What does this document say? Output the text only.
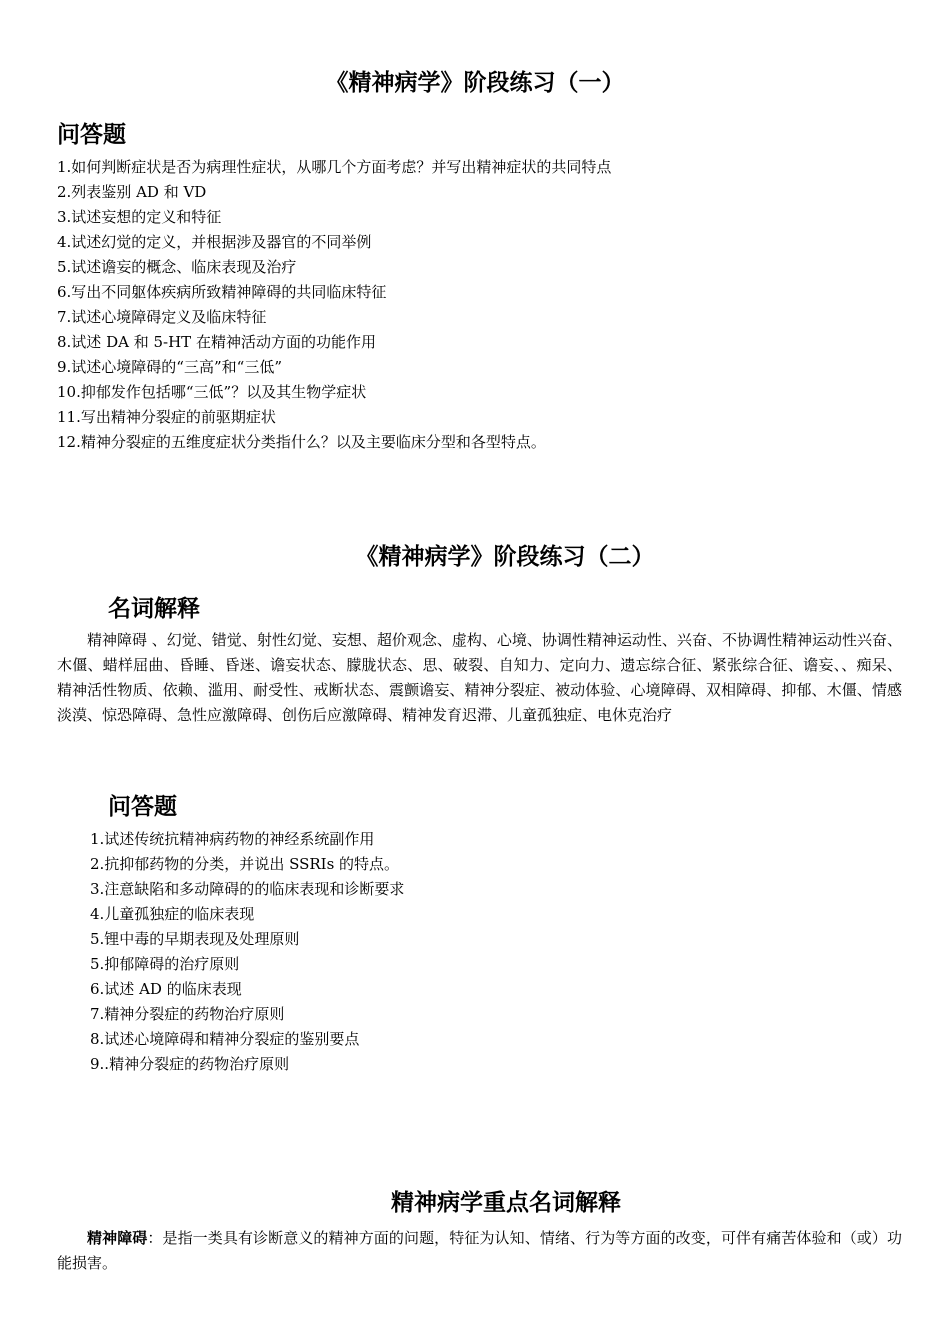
《精神病学》阶段练习（一）
问答题
1.如何判断症状是否为病理性症状，从哪几个方面考虑？并写出精神症状的共同特点
2.列表鉴别 AD 和 VD
3.试述妄想的定义和特征
4.试述幻觉的定义，并根据涉及器官的不同举例
5.试述谵妄的概念、临床表现及治疗
6.写出不同躯体疾病所致精神障碍的共同临床特征
7.试述心境障碍定义及临床特征
8.试述 DA 和 5-HT 在精神活动方面的功能作用
9.试述心境障碍的“三高”和“三低”
10.抑郁发作包括哪“三低”？以及其生物学症状
11.写出精神分裂症的前驱期症状
12.精神分裂症的五维度症状分类指什么？以及主要临床分型和各型特点。
《精神病学》阶段练习（二）
名词解释

精神障碍 、幻觉、错觉、射性幻觉、妄想、超价观念、虚构、心境、协调性精神运动性、兴奋、不协调性精神运动性兴奋、木僵、蜡样屈曲、昏睡、昏迷、谵妄状态、朦胧状态、思、破裂、自知力、定向力、遗忘综合征、紧张综合征、谵妄、、痴呆、精神活性物质、依赖、滥用、耐受性、戒断状态、震颤谵妄、精神分裂症、被动体验、心境障碍、双相障碍、抑郁、木僵、情感淡漠、惊恐障碍、急性应激障碍、创伤后应激障碍、精神发育迟滞、儿童孤独症、电休克治疗

问答题
1.试述传统抗精神病药物的神经系统副作用
2.抗抑郁药物的分类，并说出 SSRIs 的特点。
3.注意缺陷和多动障碍的的临床表现和诊断要求
4.儿童孤独症的临床表现
5.锂中毒的早期表现及处理原则
5.抑郁障碍的治疗原则
6.试述 AD 的临床表现
7.精神分裂症的药物治疗原则
8.试述心境障碍和精神分裂症的鉴别要点
9..精神分裂症的药物治疗原则
精神病学重点名词解释

精神障碍：是指一类具有诊断意义的精神方面的问题，特征为认知、情绪、行为等方面的改变，可伴有痛苦体验和（或）功能损害。
